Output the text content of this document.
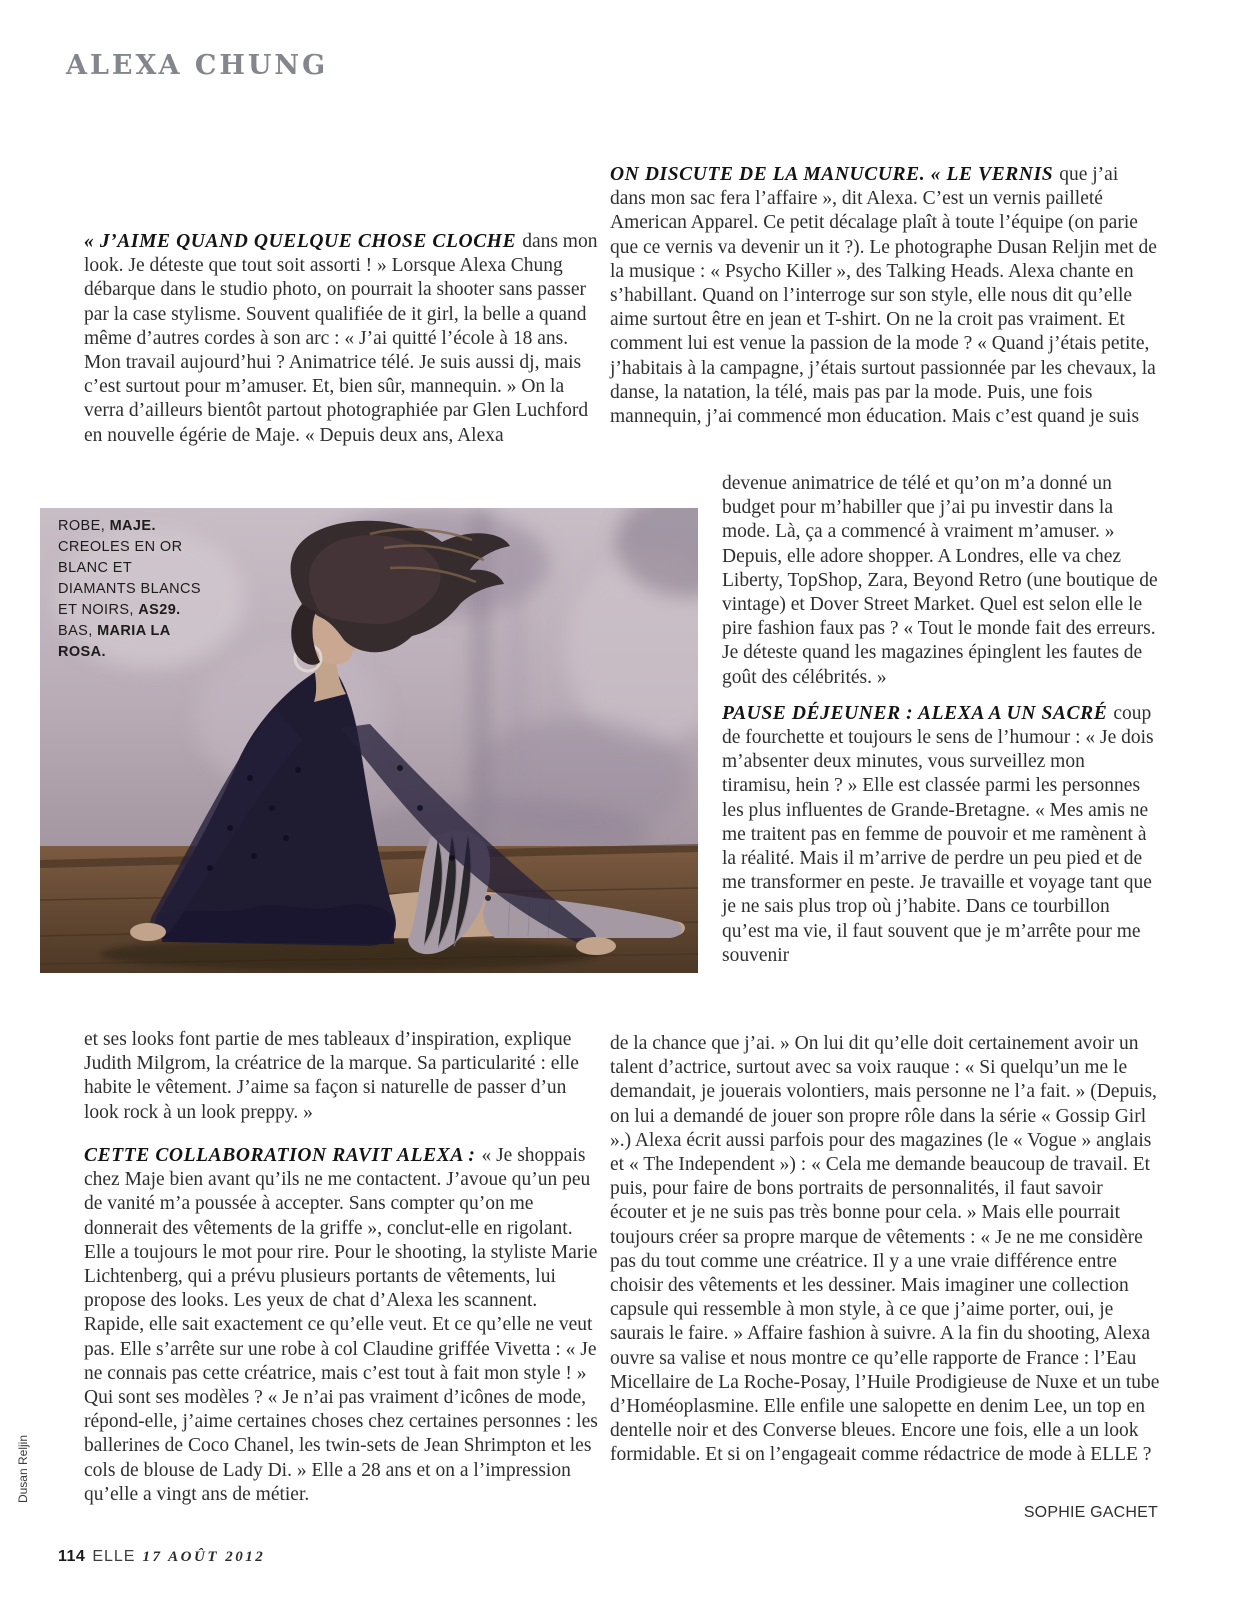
ALEXA CHUNG

« J’AIME QUAND QUELQUE CHOSE CLOCHE dans mon look. Je déteste que tout soit assorti ! » Lorsque Alexa Chung débarque dans le studio photo, on pourrait la shooter sans passer par la case stylisme. Souvent qualifiée de it girl, la belle a quand même d’autres cordes à son arc : « J’ai quitté l’école à 18 ans. Mon travail aujourd’hui ? Animatrice télé. Je suis aussi dj, mais c’est surtout pour m’amuser. Et, bien sûr, mannequin. » On la verra d’ailleurs bientôt partout photographiée par Glen Luchford en nouvelle égérie de Maje. « Depuis deux ans, Alexa

ROBE, MAJE. CREOLES EN OR BLANC ET DIAMANTS BLANCS ET NOIRS, AS29. BAS, MARIA LA ROSA.

et ses looks font partie de mes tableaux d’inspiration, explique Judith Milgrom, la créatrice de la marque. Sa particularité : elle habite le vêtement. J’aime sa façon si naturelle de passer d’un look rock à un look preppy. »

CETTE COLLABORATION RAVIT ALEXA : « Je shoppais chez Maje bien avant qu’ils ne me contactent. J’avoue qu’un peu de vanité m’a poussée à accepter. Sans compter qu’on me donnerait des vêtements de la griffe », conclut-elle en rigolant. Elle a toujours le mot pour rire. Pour le shooting, la styliste Marie Lichtenberg, qui a prévu plusieurs portants de vêtements, lui propose des looks. Les yeux de chat d’Alexa les scannent. Rapide, elle sait exactement ce qu’elle veut. Et ce qu’elle ne veut pas. Elle s’arrête sur une robe à col Claudine griffée Vivetta : « Je ne connais pas cette créatrice, mais c’est tout à fait mon style ! » Qui sont ses modèles ? « Je n’ai pas vraiment d’icônes de mode, répond-elle, j’aime certaines choses chez certaines personnes : les ballerines de Coco Chanel, les twin-sets de Jean Shrimpton et les cols de blouse de Lady Di. » Elle a 28 ans et on a l’impression qu’elle a vingt ans de métier.

ON DISCUTE DE LA MANUCURE. « LE VERNIS que j’ai dans mon sac fera l’affaire », dit Alexa. C’est un vernis pailleté American Apparel. Ce petit décalage plaît à toute l’équipe (on parie que ce vernis va devenir un it ?). Le photographe Dusan Reljin met de la musique : « Psycho Killer », des Talking Heads. Alexa chante en s’habillant. Quand on l’interroge sur son style, elle nous dit qu’elle aime surtout être en jean et T-shirt. On ne la croit pas vraiment. Et comment lui est venue la passion de la mode ? « Quand j’étais petite, j’habitais à la campagne, j’étais surtout passionnée par les chevaux, la danse, la natation, la télé, mais pas par la mode. Puis, une fois mannequin, j’ai commencé mon éducation. Mais c’est quand je suis

devenue animatrice de télé et qu’on m’a donné un budget pour m’habiller que j’ai pu investir dans la mode. Là, ça a commencé à vraiment m’amuser. » Depuis, elle adore shopper. A Londres, elle va chez Liberty, TopShop, Zara, Beyond Retro (une boutique de vintage) et Dover Street Market. Quel est selon elle le pire fashion faux pas ? « Tout le monde fait des erreurs. Je déteste quand les magazines épinglent les fautes de goût des célébrités. »

PAUSE DÉJEUNER : ALEXA A UN SACRÉ coup de fourchette et toujours le sens de l’humour : « Je dois m’absenter deux minutes, vous surveillez mon tiramisu, hein ? » Elle est classée parmi les personnes les plus influentes de Grande-Bretagne. « Mes amis ne me traitent pas en femme de pouvoir et me ramènent à la réalité. Mais il m’arrive de perdre un peu pied et de me transformer en peste. Je travaille et voyage tant que je ne sais plus trop où j’habite. Dans ce tourbillon qu’est ma vie, il faut souvent que je m’arrête pour me souvenir

de la chance que j’ai. » On lui dit qu’elle doit certainement avoir un talent d’actrice, surtout avec sa voix rauque : « Si quelqu’un me le demandait, je jouerais volontiers, mais personne ne l’a fait. » (Depuis, on lui a demandé de jouer son propre rôle dans la série « Gossip Girl ».) Alexa écrit aussi parfois pour des magazines (le « Vogue » anglais et « The Independent ») : « Cela me demande beaucoup de travail. Et puis, pour faire de bons portraits de personnalités, il faut savoir écouter et je ne suis pas très bonne pour cela. » Mais elle pourrait toujours créer sa propre marque de vêtements : « Je ne me considère pas du tout comme une créatrice. Il y a une vraie différence entre choisir des vêtements et les dessiner. Mais imaginer une collection capsule qui ressemble à mon style, à ce que j’aime porter, oui, je saurais le faire. » Affaire fashion à suivre. A la fin du shooting, Alexa ouvre sa valise et nous montre ce qu’elle rapporte de France : l’Eau Micellaire de La Roche-Posay, l’Huile Prodigieuse de Nuxe et un tube d’Homéoplasmine. Elle enfile une salopette en denim Lee, un top en dentelle noir et des Converse bleues. Encore une fois, elle a un look formidable. Et si on l’engageait comme rédactrice de mode à ELLE ?

SOPHIE GACHET
Dusan Reljin
114 ELLE 17 AOÛT 2012
